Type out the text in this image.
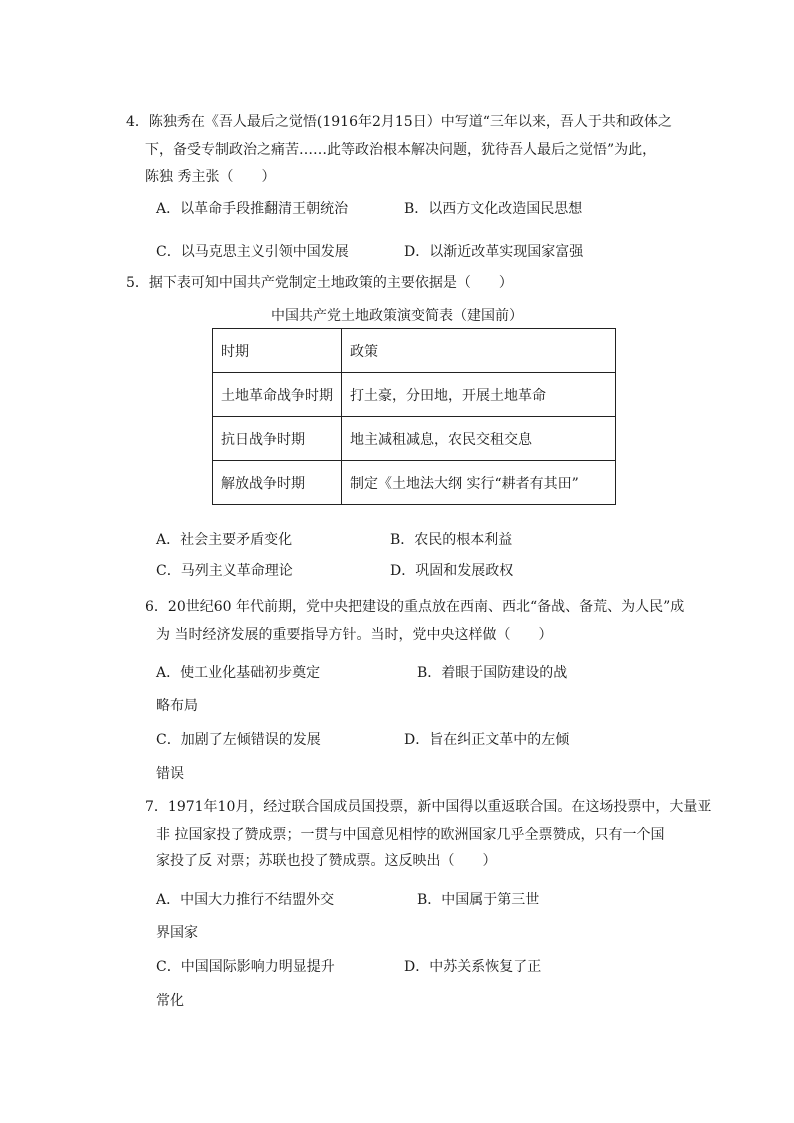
4．陈独秀在《吾人最后之觉悟(1916年2月15日）中写道“三年以来，吾人于共和政体之
下，备受专制政治之痛苦……此等政治根本解决问题，犹待吾人最后之觉悟”为此，
陈独 秀主张（　　）
A．以革命手段推翻清王朝统治	B．以西方文化改造国民思想
C．以马克思主义引领中国发展	D．以渐近改革实现国家富强
5．据下表可知中国共产党制定土地政策的主要依据是（　　）
中国共产党土地政策演变简表（建国前）
时期	政策
土地革命战争时期	打土豪，分田地，开展土地革命
抗日战争时期	地主减租减息，农民交租交息
解放战争时期	制定《土地法大纲 实行“耕者有其田”
A．社会主要矛盾变化	B．农民的根本利益
C．马列主义革命理论	D．巩固和发展政权
6．20世纪60 年代前期，党中央把建设的重点放在西南、西北“备战、备荒、为人民”成
为 当时经济发展的重要指导方针。当时，党中央这样做（　　）
A．使工业化基础初步奠定	B．着眼于国防建设的战
略布局
C．加剧了左倾错误的发展	D．旨在纠正文革中的左倾
错误
7．1971年10月，经过联合国成员国投票，新中国得以重返联合国。在这场投票中，大量亚
非 拉国家投了赞成票；一贯与中国意见相悖的欧洲国家几乎全票赞成，只有一个国
家投了反 对票；苏联也投了赞成票。这反映出（　　）
A．中国大力推行不结盟外交	B．中国属于第三世
界国家
C．中国国际影响力明显提升	D．中苏关系恢复了正
常化
